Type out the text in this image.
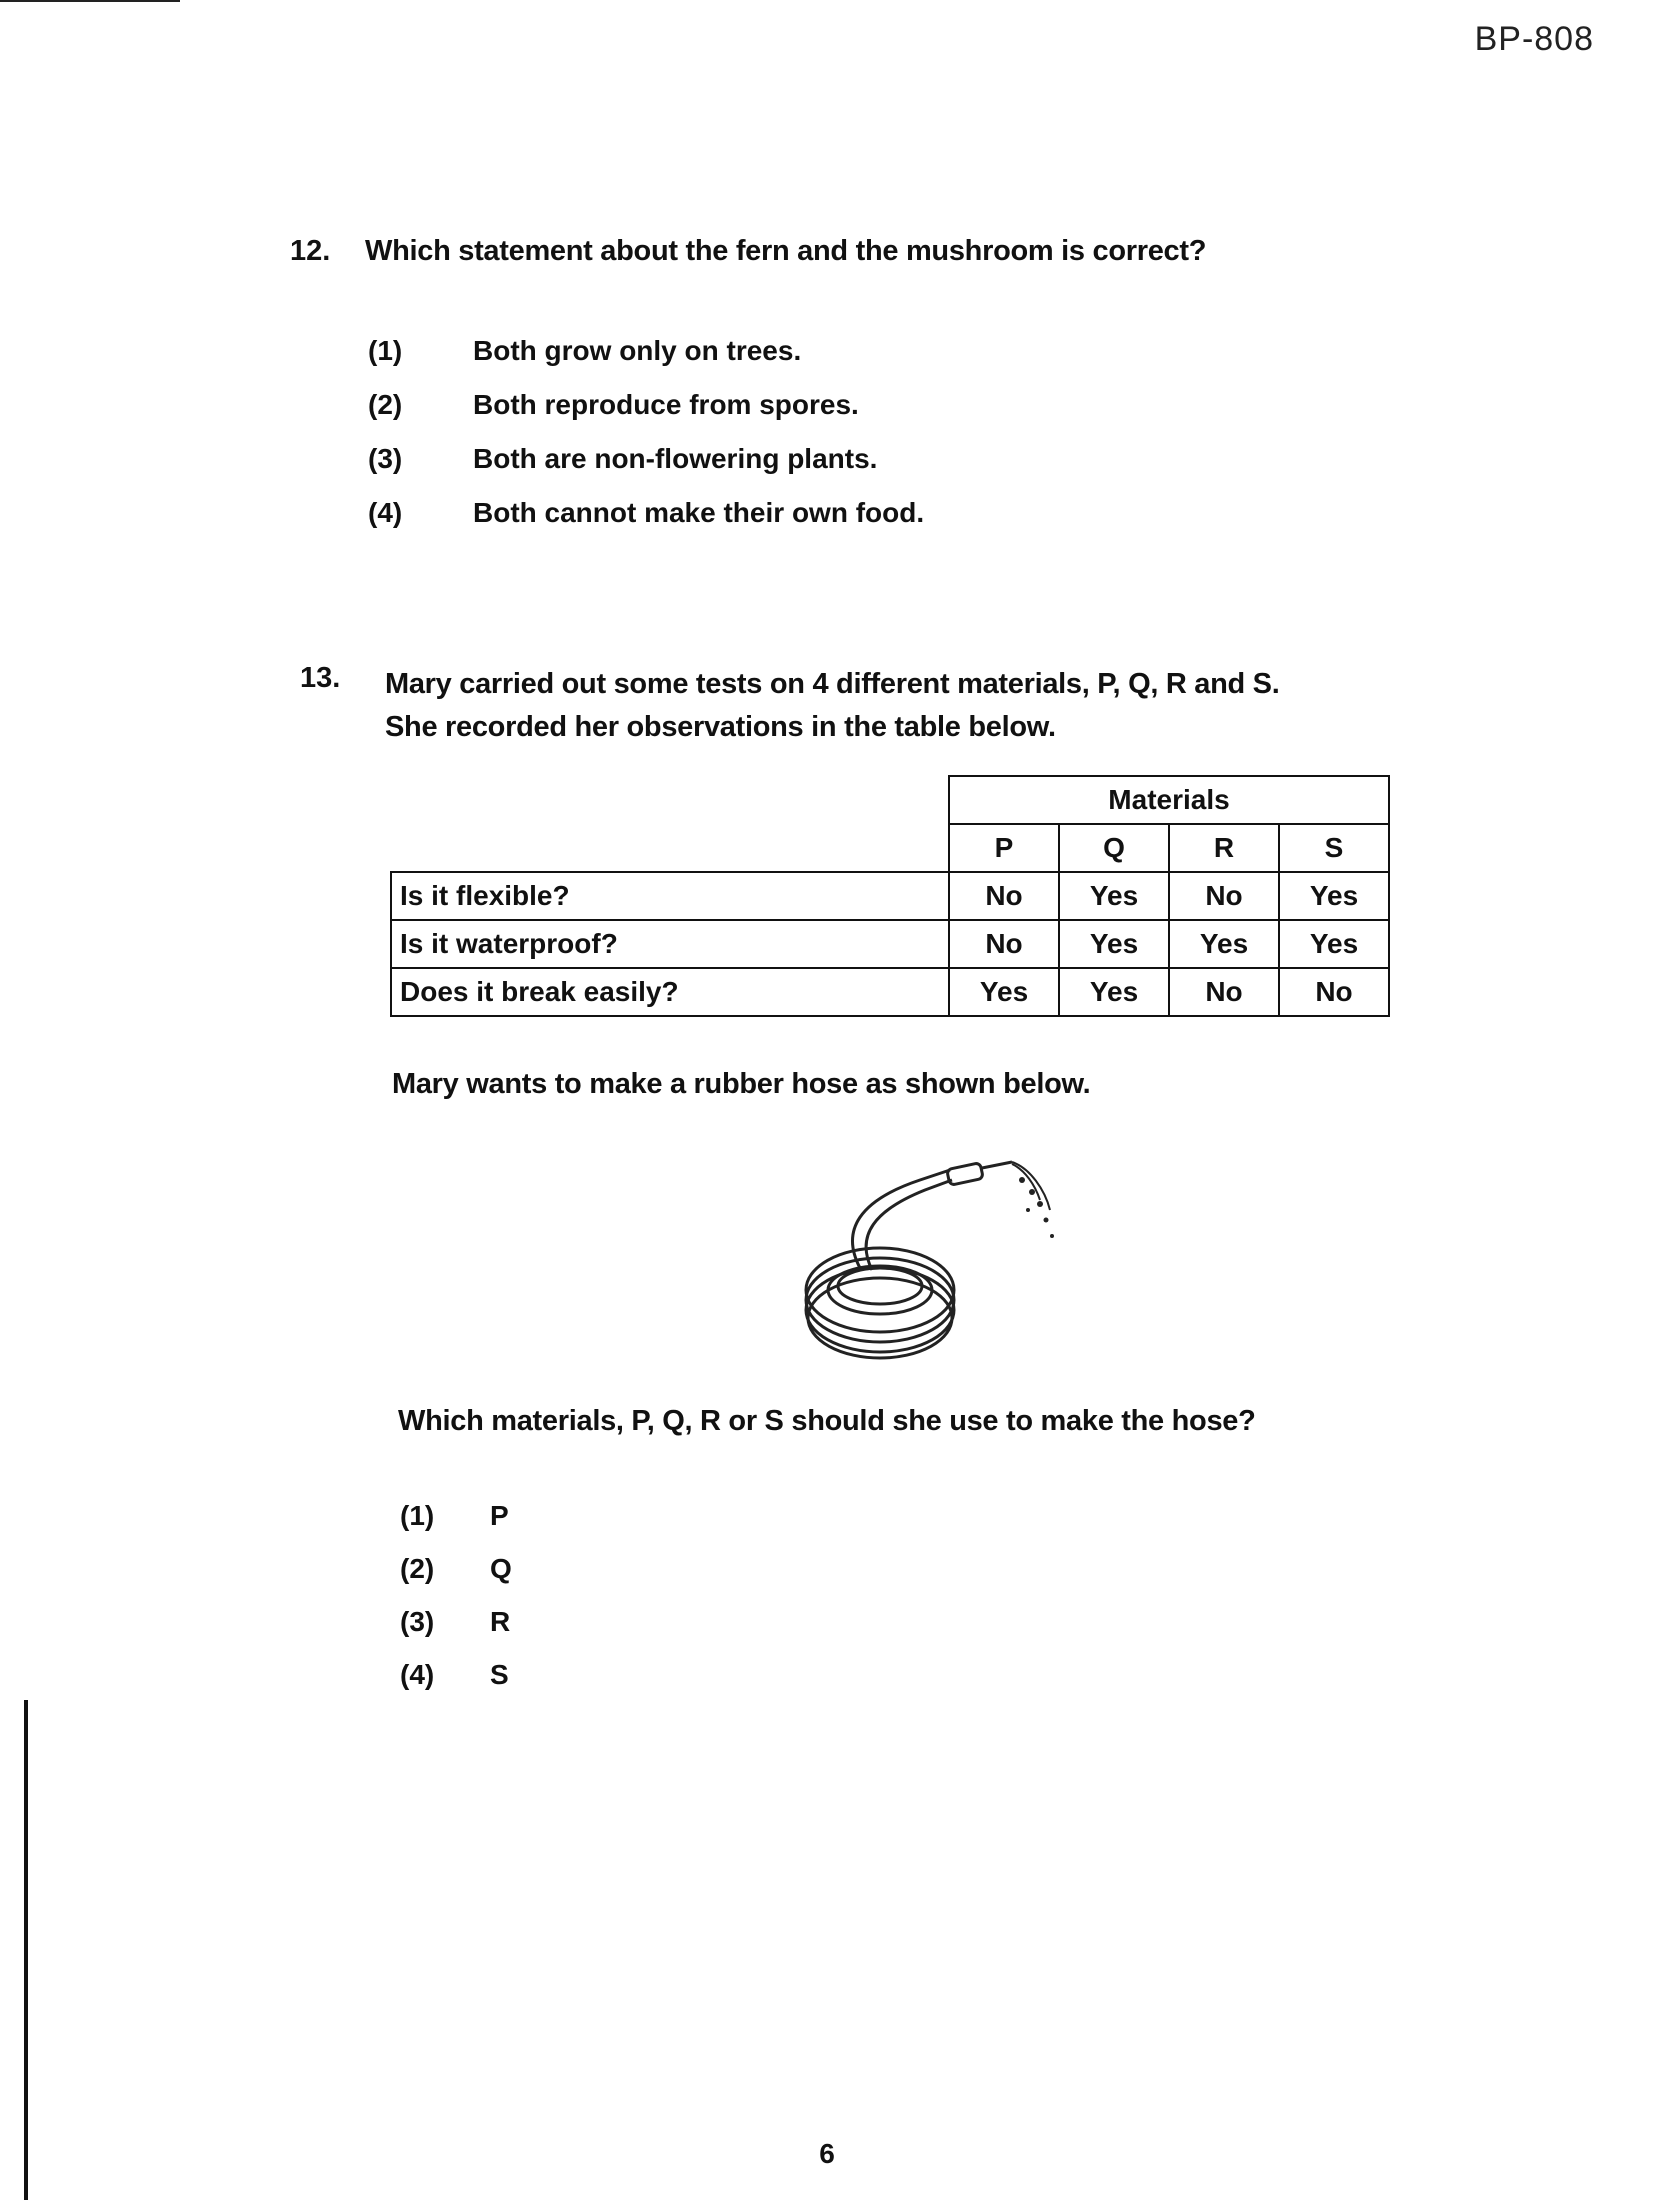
BP-808
12. Which statement about the fern and the mushroom is correct?
(1)	Both grow only on trees.
(2)	Both reproduce from spores.
(3)	Both are non-flowering plants.
(4)	Both cannot make their own food.
13. Mary carried out some tests on 4 different materials, P, Q, R and S.
She recorded her observations in the table below.
	Materials			
	P	Q	R	S
Is it flexible?	No	Yes	No	Yes
Is it waterproof?	No	Yes	Yes	Yes
Does it break easily?	Yes	Yes	No	No
Mary wants to make a rubber hose as shown below.
Which materials, P, Q, R or S should she use to make the hose?
(1)	P
(2)	Q
(3)	R
(4)	S
6
